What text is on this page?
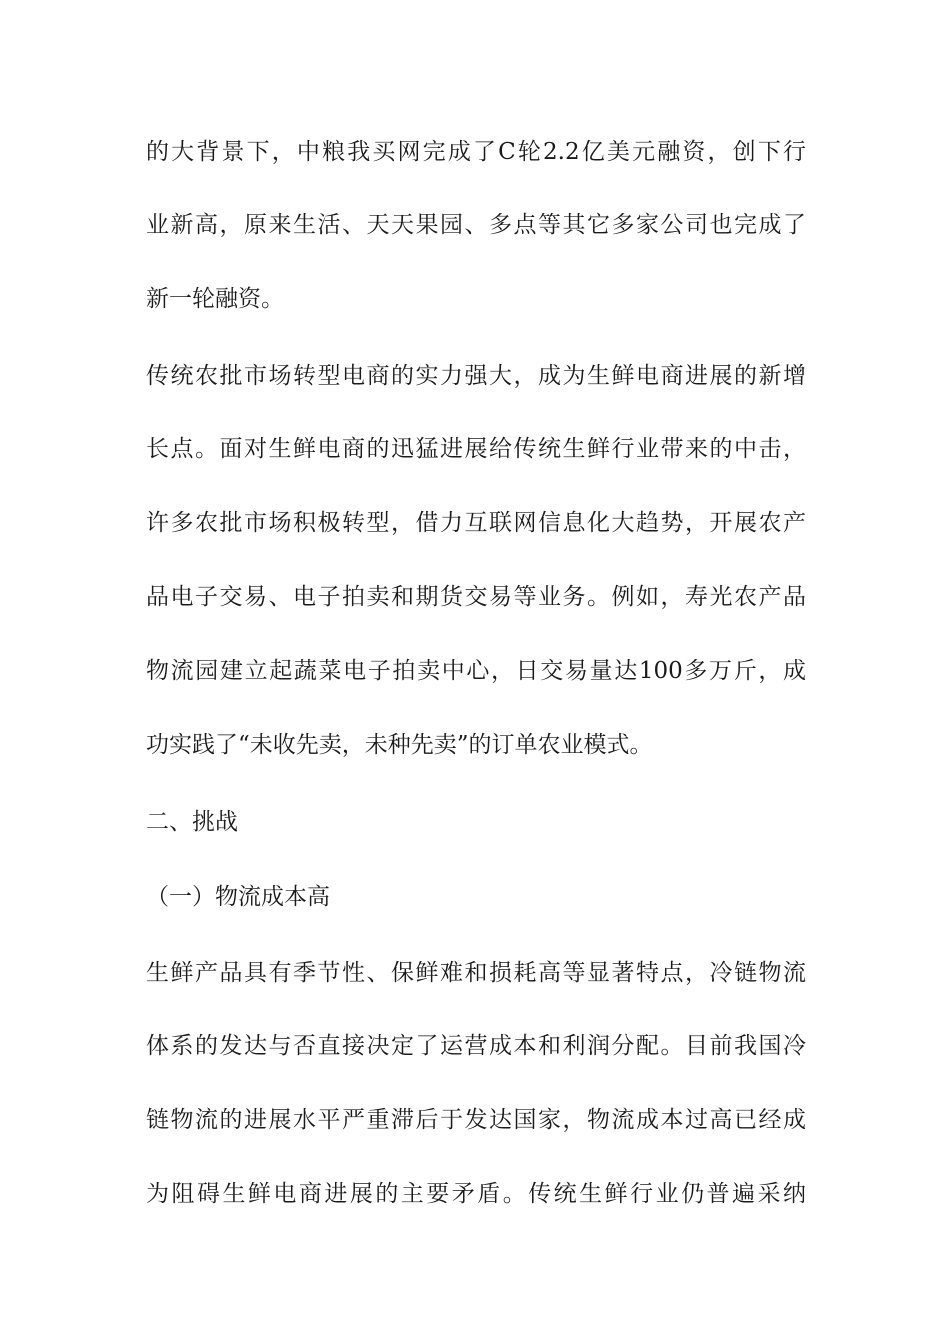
的大背景下，中粮我买网完成了C轮2.2亿美元融资，创下行
业新高，原来生活、天天果园、多点等其它多家公司也完成了
新一轮融资。
传统农批市场转型电商的实力强大，成为生鲜电商进展的新增
长点。面对生鲜电商的迅猛进展给传统生鲜行业带来的中击，
许多农批市场积极转型，借力互联网信息化大趋势，开展农产
品电子交易、电子拍卖和期货交易等业务。例如，寿光农产品
物流园建立起蔬菜电子拍卖中心，日交易量达100多万斤，成
功实践了“未收先卖，未种先卖”的订单农业模式。
二、挑战
（一）物流成本高
生鲜产品具有季节性、保鲜难和损耗高等显著特点，冷链物流
体系的发达与否直接决定了运营成本和利润分配。目前我国冷
链物流的进展水平严重滞后于发达国家，物流成本过高已经成
为阻碍生鲜电商进展的主要矛盾。传统生鲜行业仍普遍采纳
